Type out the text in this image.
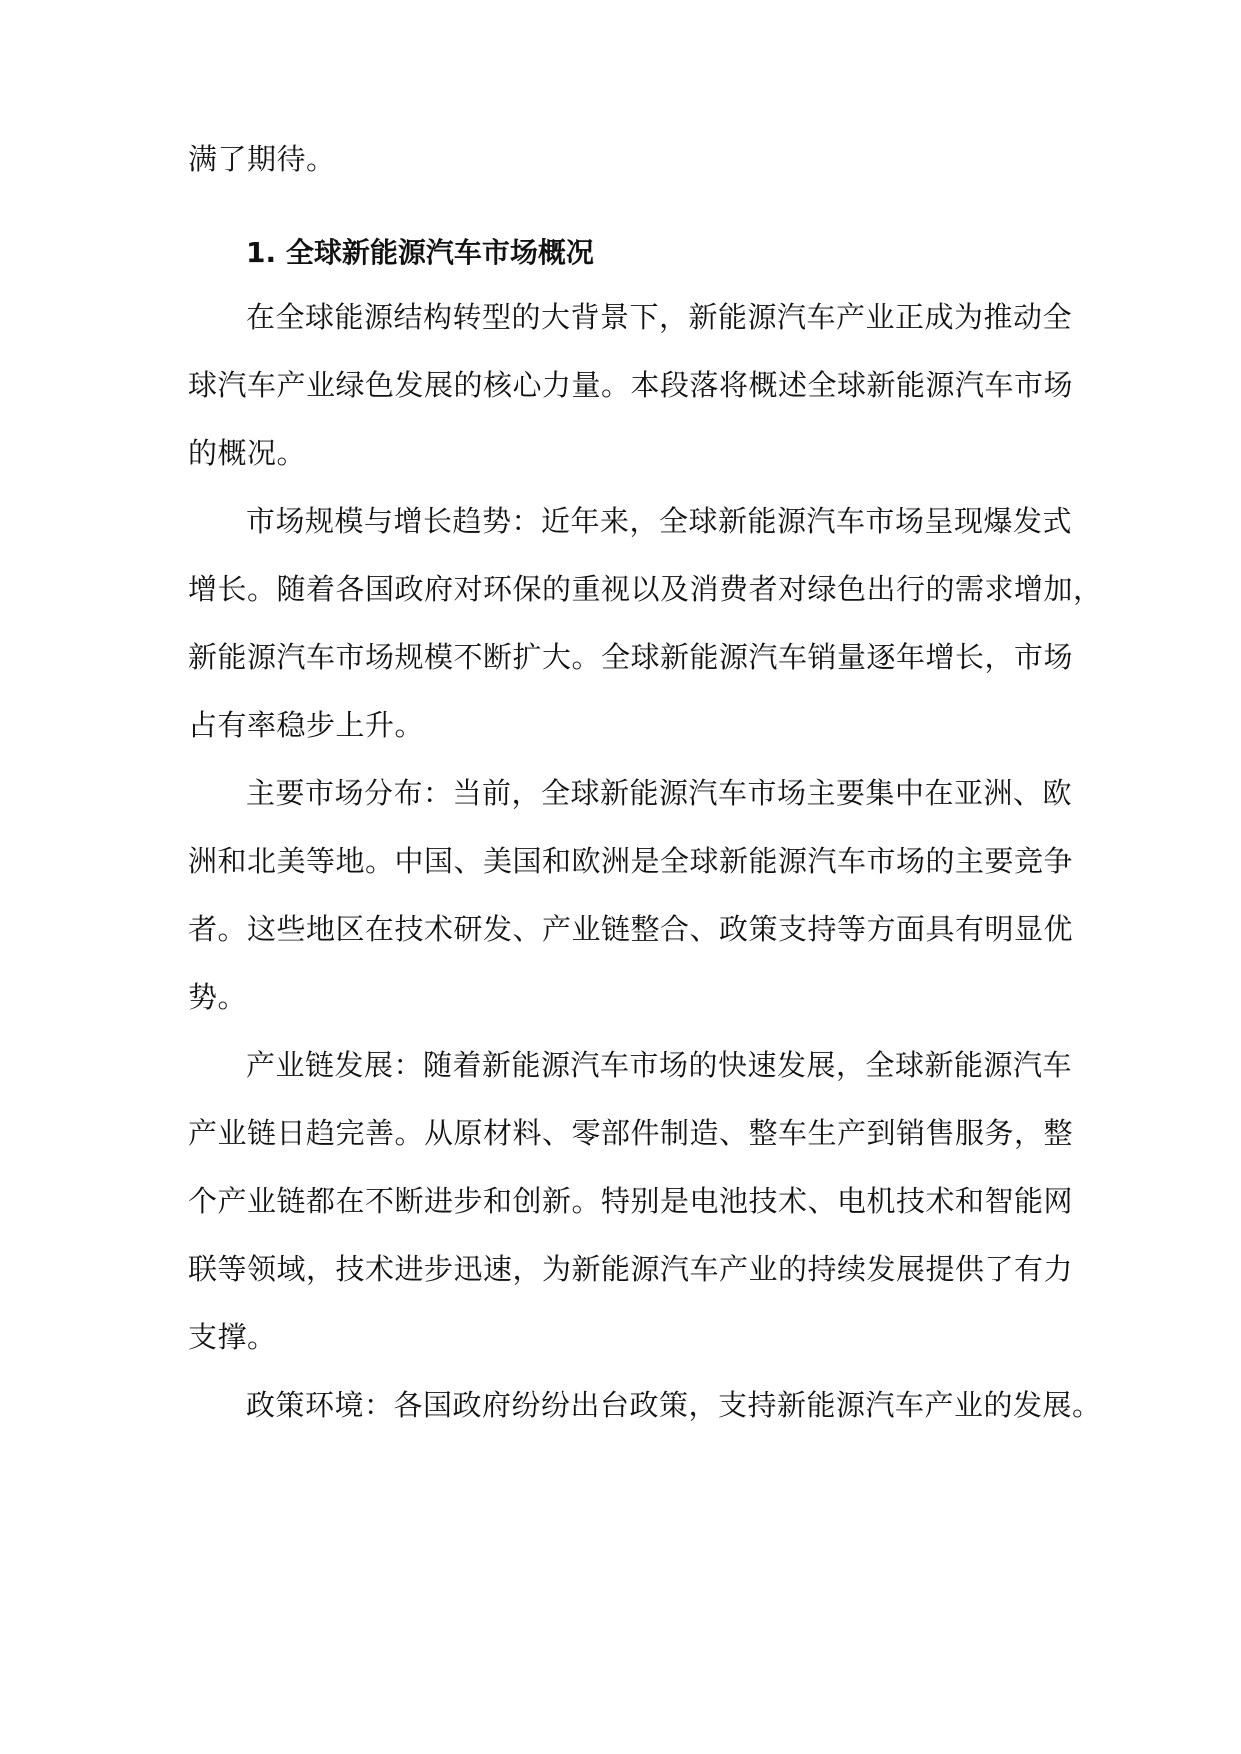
满了期待。
1. 全球新能源汽车市场概况
在全球能源结构转型的大背景下，新能源汽车产业正成为推动全
球汽车产业绿色发展的核心力量。本段落将概述全球新能源汽车市场
的概况。
市场规模与增长趋势：近年来，全球新能源汽车市场呈现爆发式
增长。随着各国政府对环保的重视以及消费者对绿色出行的需求增加，
新能源汽车市场规模不断扩大。全球新能源汽车销量逐年增长，市场
占有率稳步上升。
主要市场分布：当前，全球新能源汽车市场主要集中在亚洲、欧
洲和北美等地。中国、美国和欧洲是全球新能源汽车市场的主要竞争
者。这些地区在技术研发、产业链整合、政策支持等方面具有明显优
势。
产业链发展：随着新能源汽车市场的快速发展，全球新能源汽车
产业链日趋完善。从原材料、零部件制造、整车生产到销售服务，整
个产业链都在不断进步和创新。特别是电池技术、电机技术和智能网
联等领域，技术进步迅速，为新能源汽车产业的持续发展提供了有力
支撑。
政策环境：各国政府纷纷出台政策，支持新能源汽车产业的发展。
